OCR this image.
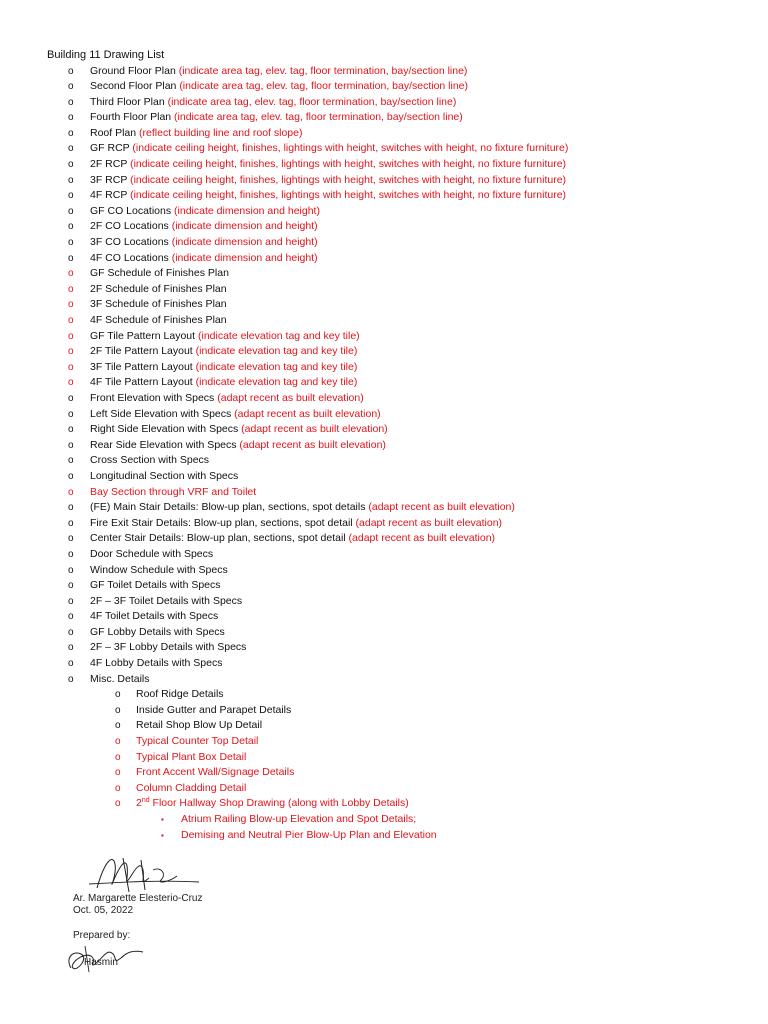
Building 11 Drawing List
o Ground Floor Plan (indicate area tag, elev. tag, floor termination, bay/section line)
o Second Floor Plan (indicate area tag, elev. tag, floor termination, bay/section line)
o Third Floor Plan (indicate area tag, elev. tag, floor termination, bay/section line)
o Fourth Floor Plan (indicate area tag, elev. tag, floor termination, bay/section line)
o Roof Plan (reflect building line and roof slope)
o GF RCP (indicate ceiling height, finishes, lightings with height, switches with height, no fixture furniture)
o 2F RCP (indicate ceiling height, finishes, lightings with height, switches with height, no fixture furniture)
o 3F RCP (indicate ceiling height, finishes, lightings with height, switches with height, no fixture furniture)
o 4F RCP (indicate ceiling height, finishes, lightings with height, switches with height, no fixture furniture)
o GF CO Locations (indicate dimension and height)
o 2F CO Locations (indicate dimension and height)
o 3F CO Locations (indicate dimension and height)
o 4F CO Locations (indicate dimension and height)
o GF Schedule of Finishes Plan
o 2F Schedule of Finishes Plan
o 3F Schedule of Finishes Plan
o 4F Schedule of Finishes Plan
o GF Tile Pattern Layout (indicate elevation tag and key tile)
o 2F Tile Pattern Layout (indicate elevation tag and key tile)
o 3F Tile Pattern Layout (indicate elevation tag and key tile)
o 4F Tile Pattern Layout (indicate elevation tag and key tile)
o Front Elevation with Specs (adapt recent as built elevation)
o Left Side Elevation with Specs (adapt recent as built elevation)
o Right Side Elevation with Specs (adapt recent as built elevation)
o Rear Side Elevation with Specs (adapt recent as built elevation)
o Cross Section with Specs
o Longitudinal Section with Specs
o Bay Section through VRF and Toilet
o (FE) Main Stair Details: Blow-up plan, sections, spot details (adapt recent as built elevation)
o Fire Exit Stair Details: Blow-up plan, sections, spot detail (adapt recent as built elevation)
o Center Stair Details: Blow-up plan, sections, spot detail (adapt recent as built elevation)
o Door Schedule with Specs
o Window Schedule with Specs
o GF Toilet Details with Specs
o 2F – 3F Toilet Details with Specs
o 4F Toilet Details with Specs
o GF Lobby Details with Specs
o 2F – 3F Lobby Details with Specs
o 4F Lobby Details with Specs
o Misc. Details
o Roof Ridge Details
o Inside Gutter and Parapet Details
o Retail Shop Blow Up Detail
o Typical Counter Top Detail
o Typical Plant Box Detail
o Front Accent Wall/Signage Details
o Column Cladding Detail
o 2nd Floor Hallway Shop Drawing (along with Lobby Details)
▪ Atrium Railing Blow-up Elevation and Spot Details;
▪ Demising and Neutral Pier Blow-Up Plan and Elevation
Ar. Margarette Elesterio-Cruz
Oct. 05, 2022
Prepared by:
Hasmin
